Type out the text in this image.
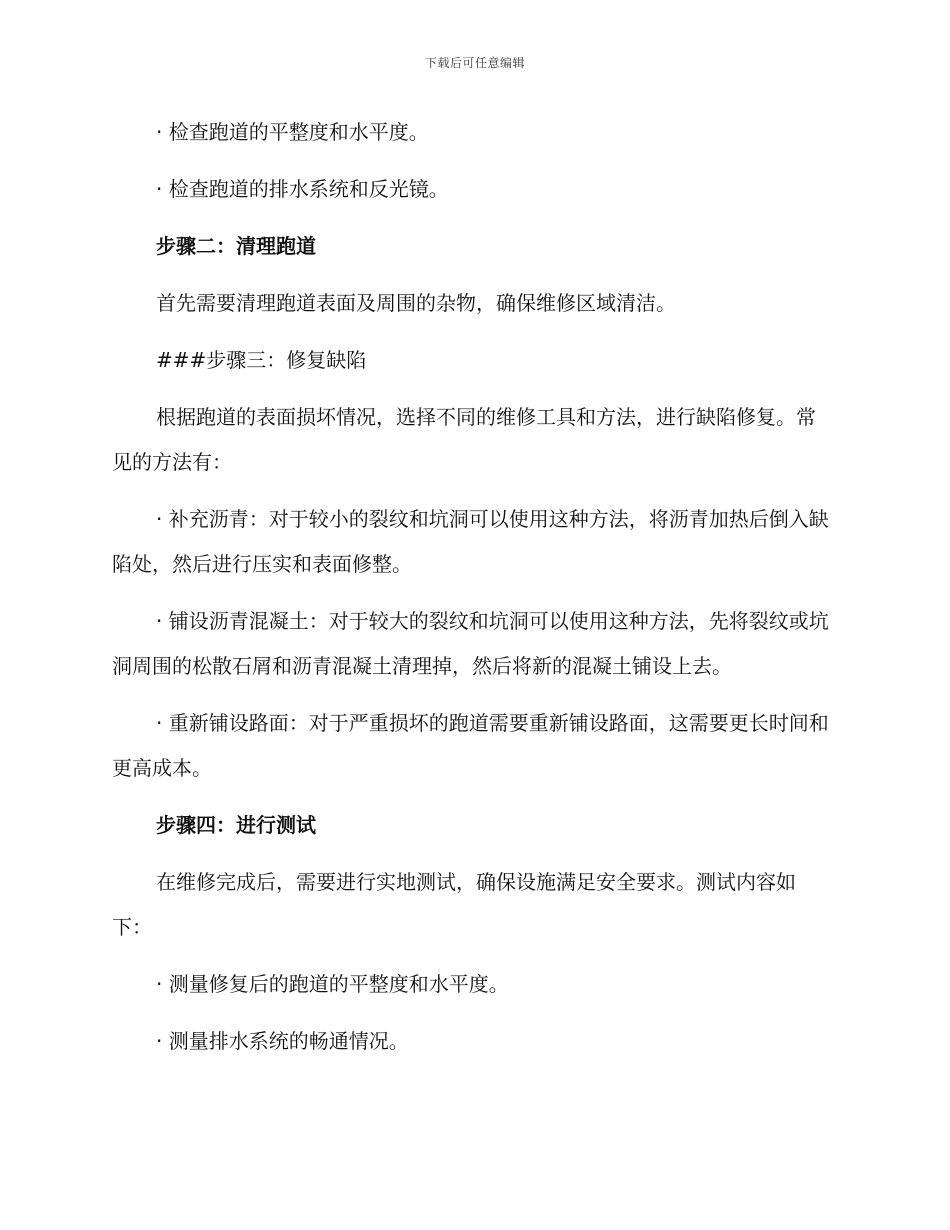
下载后可任意编辑

· 检查跑道的平整度和水平度。

· 检查跑道的排水系统和反光镜。

步骤二：清理跑道

首先需要清理跑道表面及周围的杂物，确保维修区域清洁。

###步骤三：修复缺陷

根据跑道的表面损坏情况，选择不同的维修工具和方法，进行缺陷修复。常见的方法有：

· 补充沥青：对于较小的裂纹和坑洞可以使用这种方法，将沥青加热后倒入缺陷处，然后进行压实和表面修整。

· 铺设沥青混凝土：对于较大的裂纹和坑洞可以使用这种方法，先将裂纹或坑洞周围的松散石屑和沥青混凝土清理掉，然后将新的混凝土铺设上去。

· 重新铺设路面：对于严重损坏的跑道需要重新铺设路面，这需要更长时间和更高成本。

步骤四：进行测试

在维修完成后，需要进行实地测试，确保设施满足安全要求。测试内容如下：

· 测量修复后的跑道的平整度和水平度。

· 测量排水系统的畅通情况。
